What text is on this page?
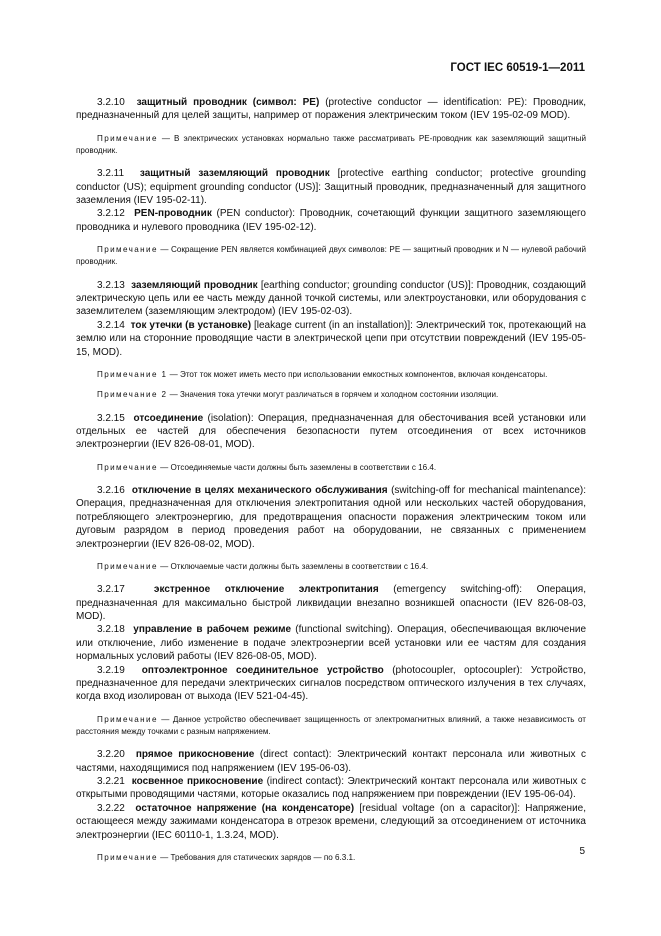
ГОСТ IEC 60519-1—2011

3.2.10 защитный проводник (символ: PE) (protective conductor — identification: PE): Проводник, предназначенный для целей защиты, например от поражения электрическим током (IEV 195-02-09 MOD).

Примечание — В электрических установках нормально также рассматривать PE-проводник как заземляющий защитный проводник.

3.2.11 защитный заземляющий проводник [protective earthing conductor; protective grounding conductor (US); equipment grounding conductor (US)]: Защитный проводник, предназначенный для защитного заземления (IEV 195-02-11).

3.2.12 PEN-проводник (PEN conductor): Проводник, сочетающий функции защитного заземляющего проводника и нулевого проводника (IEV 195-02-12).

Примечание — Сокращение PEN является комбинацией двух символов: PE — защитный проводник и N — нулевой рабочий проводник.

3.2.13 заземляющий проводник [earthing conductor; grounding conductor (US)]: Проводник, создающий электрическую цепь или ее часть между данной точкой системы, или электроустановки, или оборудования с заземлителем (заземляющим электродом) (IEV 195-02-03).

3.2.14 ток утечки (в установке) [leakage current (in an installation)]: Электрический ток, протекающий на землю или на сторонние проводящие части в электрической цепи при отсутствии повреждений (IEV 195-05-15, MOD).

Примечание 1 — Этот ток может иметь место при использовании емкостных компонентов, включая конденсаторы.

Примечание 2 — Значения тока утечки могут различаться в горячем и холодном состоянии изоляции.

3.2.15 отсоединение (isolation): Операция, предназначенная для обесточивания всей установки или отдельных ее частей для обеспечения безопасности путем отсоединения от всех источников электроэнергии (IEV 826-08-01, MOD).

Примечание — Отсоединяемые части должны быть заземлены в соответствии с 16.4.

3.2.16 отключение в целях механического обслуживания (switching-off for mechanical maintenance): Операция, предназначенная для отключения электропитания одной или нескольких частей оборудования, потребляющего электроэнергию, для предотвращения опасности поражения электрическим током или дуговым разрядом в период проведения работ на оборудовании, не связанных с применением электроэнергии (IEV 826-08-02, MOD).

Примечание — Отключаемые части должны быть заземлены в соответствии с 16.4.

3.2.17	экстренное отключение электропитания (emergency switching-off): Операция, предназначенная для максимально быстрой ликвидации внезапно возникшей опасности (IEV 826-08-03, MOD).

3.2.18 управление в рабочем режиме (functional switching). Операция, обеспечивающая включение или отключение, либо изменение в подаче электроэнергии всей установки или ее частям для создания нормальных условий работы (IEV 826-08-05, MOD).

3.2.19 оптоэлектронное соединительное устройство (photocoupler, optocoupler): Устройство, предназначенное для передачи электрических сигналов посредством оптического излучения в тех случаях, когда вход изолирован от выхода (IEV 521-04-45).

Примечание — Данное устройство обеспечивает защищенность от электромагнитных влияний, а также независимость от расстояния между точками с разным напряжением.

3.2.20 прямое прикосновение (direct contact): Электрический контакт персонала или животных с частями, находящимися под напряжением (IEV 195-06-03).

3.2.21 косвенное прикосновение (indirect contact): Электрический контакт персонала или животных с открытыми проводящими частями, которые оказались под напряжением при повреждении (IEV 195-06-04).

3.2.22 остаточное напряжение (на конденсаторе) [residual voltage (on a capacitor)]: Напряжение, остающееся между зажимами конденсатора в отрезок времени, следующий за отсоединением от источника электроэнергии (IEC 60110-1, 1.3.24, MOD).

Примечание — Требования для статических зарядов — по 6.3.1.

5
